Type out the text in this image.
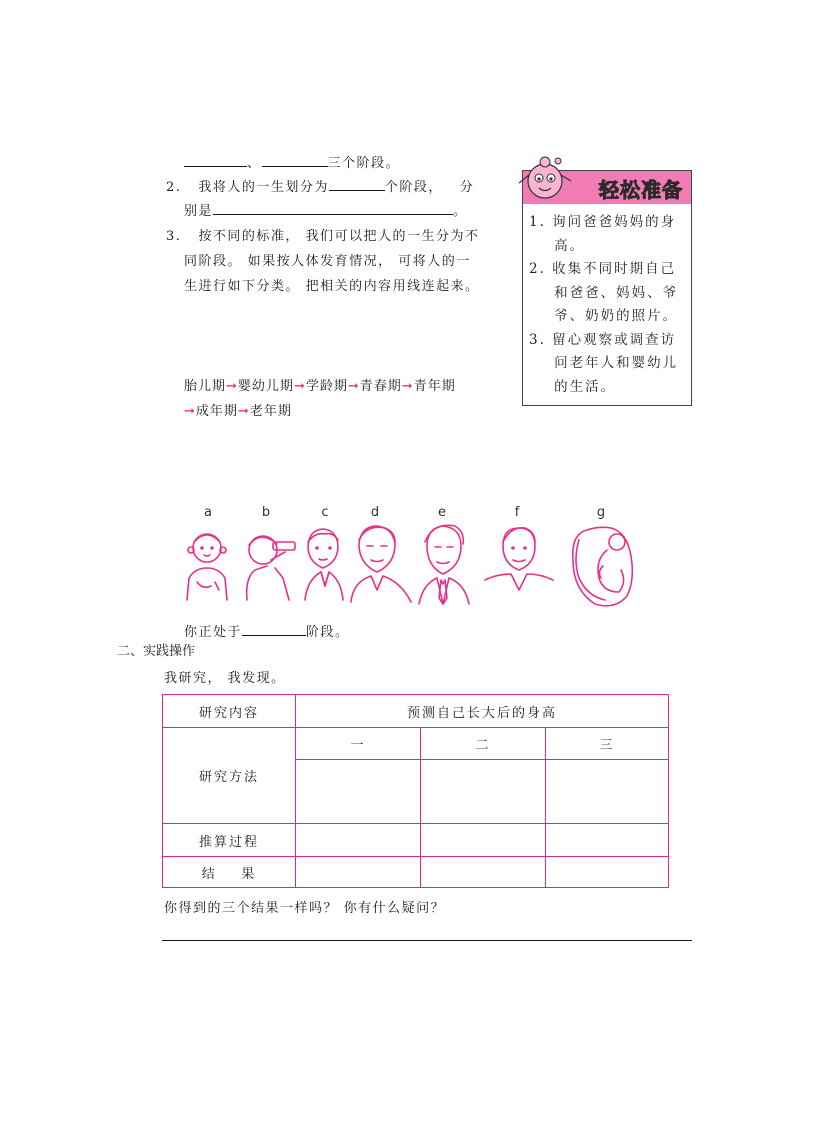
、	三个阶段。
2. 我将人的一生划分为	个阶段， 分
别是	。
3. 按不同的标准， 我们可以把人的一生分为不
同阶段。 如果按人体发育情况， 可将人的一
生进行如下分类。 把相关的内容用线连起来。
胎儿期➞婴幼儿期➞学龄期➞青春期➞青年期
➞成年期➞老年期
轻松准备
1. 询问爸爸妈妈的身
高。
2. 收集不同时期自己
和爸爸、妈妈、爷
爷、奶奶的照片。
3. 留心观察或调查访
问老年人和婴幼儿
的生活。
a	b	c	d	e	f	g
你正处于	阶段。
二、实践操作
我研究， 我发现。
研究内容	预测自己长大后的身高		
研究方法	一	二	三

推算过程			
结    果			
你得到的三个结果一样吗？ 你有什么疑问？
